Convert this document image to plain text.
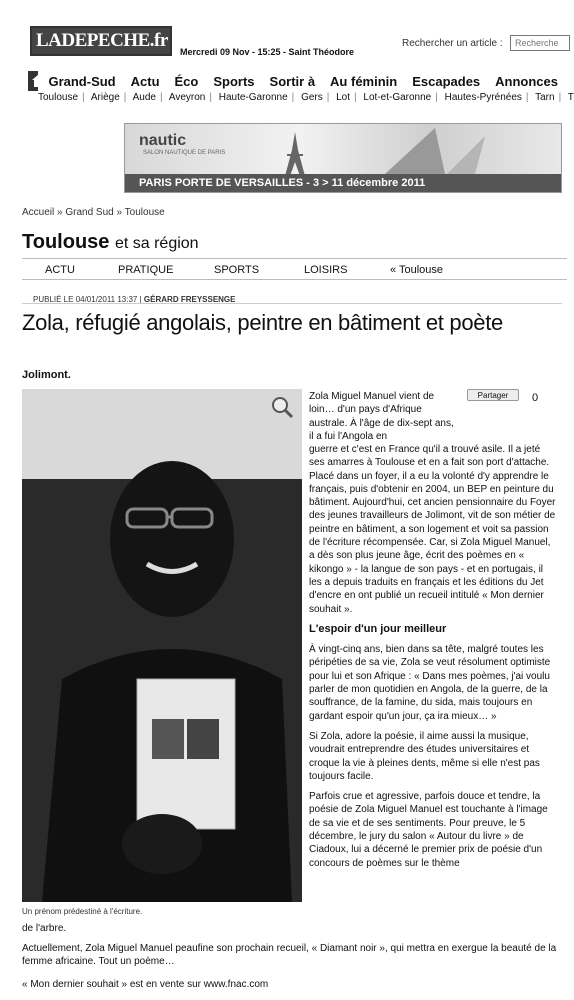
LADEPECHE.fr
Mercredi 09 Nov - 15:25 - Saint Théodore
Rechercher un article :
Recherche
Grand-Sud Actu Éco Sports Sortir à Au féminin Escapades Annonces
Toulouse | Ariège | Aude | Aveyron | Haute-Garonne | Gers | Lot | Lot-et-Garonne | Hautes-Pyrénées | Tarn | T
nautic
SALON NAUTIQUE DE PARIS
PARIS PORTE DE VERSAILLES - 3 > 11 décembre 2011
Accueil » Grand Sud » Toulouse
Toulouse et sa région
ACTU	PRATIQUE	SPORTS	LOISIRS	« Toulouse
PUBLIÉ LE 04/01/2011 13:37 | GÉRARD FREYSSENGE
Zola, réfugié angolais, peintre en bâtiment et poète
Jolimont.
Un prénom prédestiné à l'écriture.
Partager	0
Zola Miguel Manuel vient de loin… d'un pays d'Afrique australe. À l'âge de dix-sept ans, il a fui l'Angola en

guerre et c'est en France qu'il a trouvé asile. Il a jeté ses amarres à Toulouse et en a fait son port d'attache. Placé dans un foyer, il a eu la volonté d'y apprendre le français, puis d'obtenir en 2004, un BEP en peinture du bâtiment. Aujourd'hui, cet ancien pensionnaire du Foyer des jeunes travailleurs de Jolimont, vit de son métier de peintre en bâtiment, a son logement et voit sa passion de l'écriture récompensée. Car, si Zola Miguel Manuel, a dès son plus jeune âge, écrit des poèmes en « kikongo » - la langue de son pays - et en portugais, il les a depuis traduits en français et les éditions du Jet d'encre en ont publié un recueil intitulé « Mon dernier souhait ».

L'espoir d'un jour meilleur

À vingt-cinq ans, bien dans sa tête, malgré toutes les péripéties de sa vie, Zola se veut résolument optimiste pour lui et son Afrique : « Dans mes poèmes, j'ai voulu parler de mon quotidien en Angola, de la guerre, de la souffrance, de la famine, du sida, mais toujours en gardant espoir qu'un jour, ça ira mieux… »

Si Zola, adore la poésie, il aime aussi la musique, voudrait entreprendre des études universitaires et croque la vie à pleines dents, même si elle n'est pas toujours facile.

Parfois crue et agressive, parfois douce et tendre, la poésie de Zola Miguel Manuel est touchante à l'image de sa vie et de ses sentiments. Pour preuve, le 5 décembre, le jury du salon « Autour du livre » de Ciadoux, lui a décerné le premier prix de poésie d'un concours de poèmes sur le thème

de l'arbre.
Actuellement, Zola Miguel Manuel peaufine son prochain recueil, « Diamant noir », qui mettra en exergue la beauté de la femme africaine. Tout un poème…
« Mon dernier souhait » est en vente sur www.fnac.com
